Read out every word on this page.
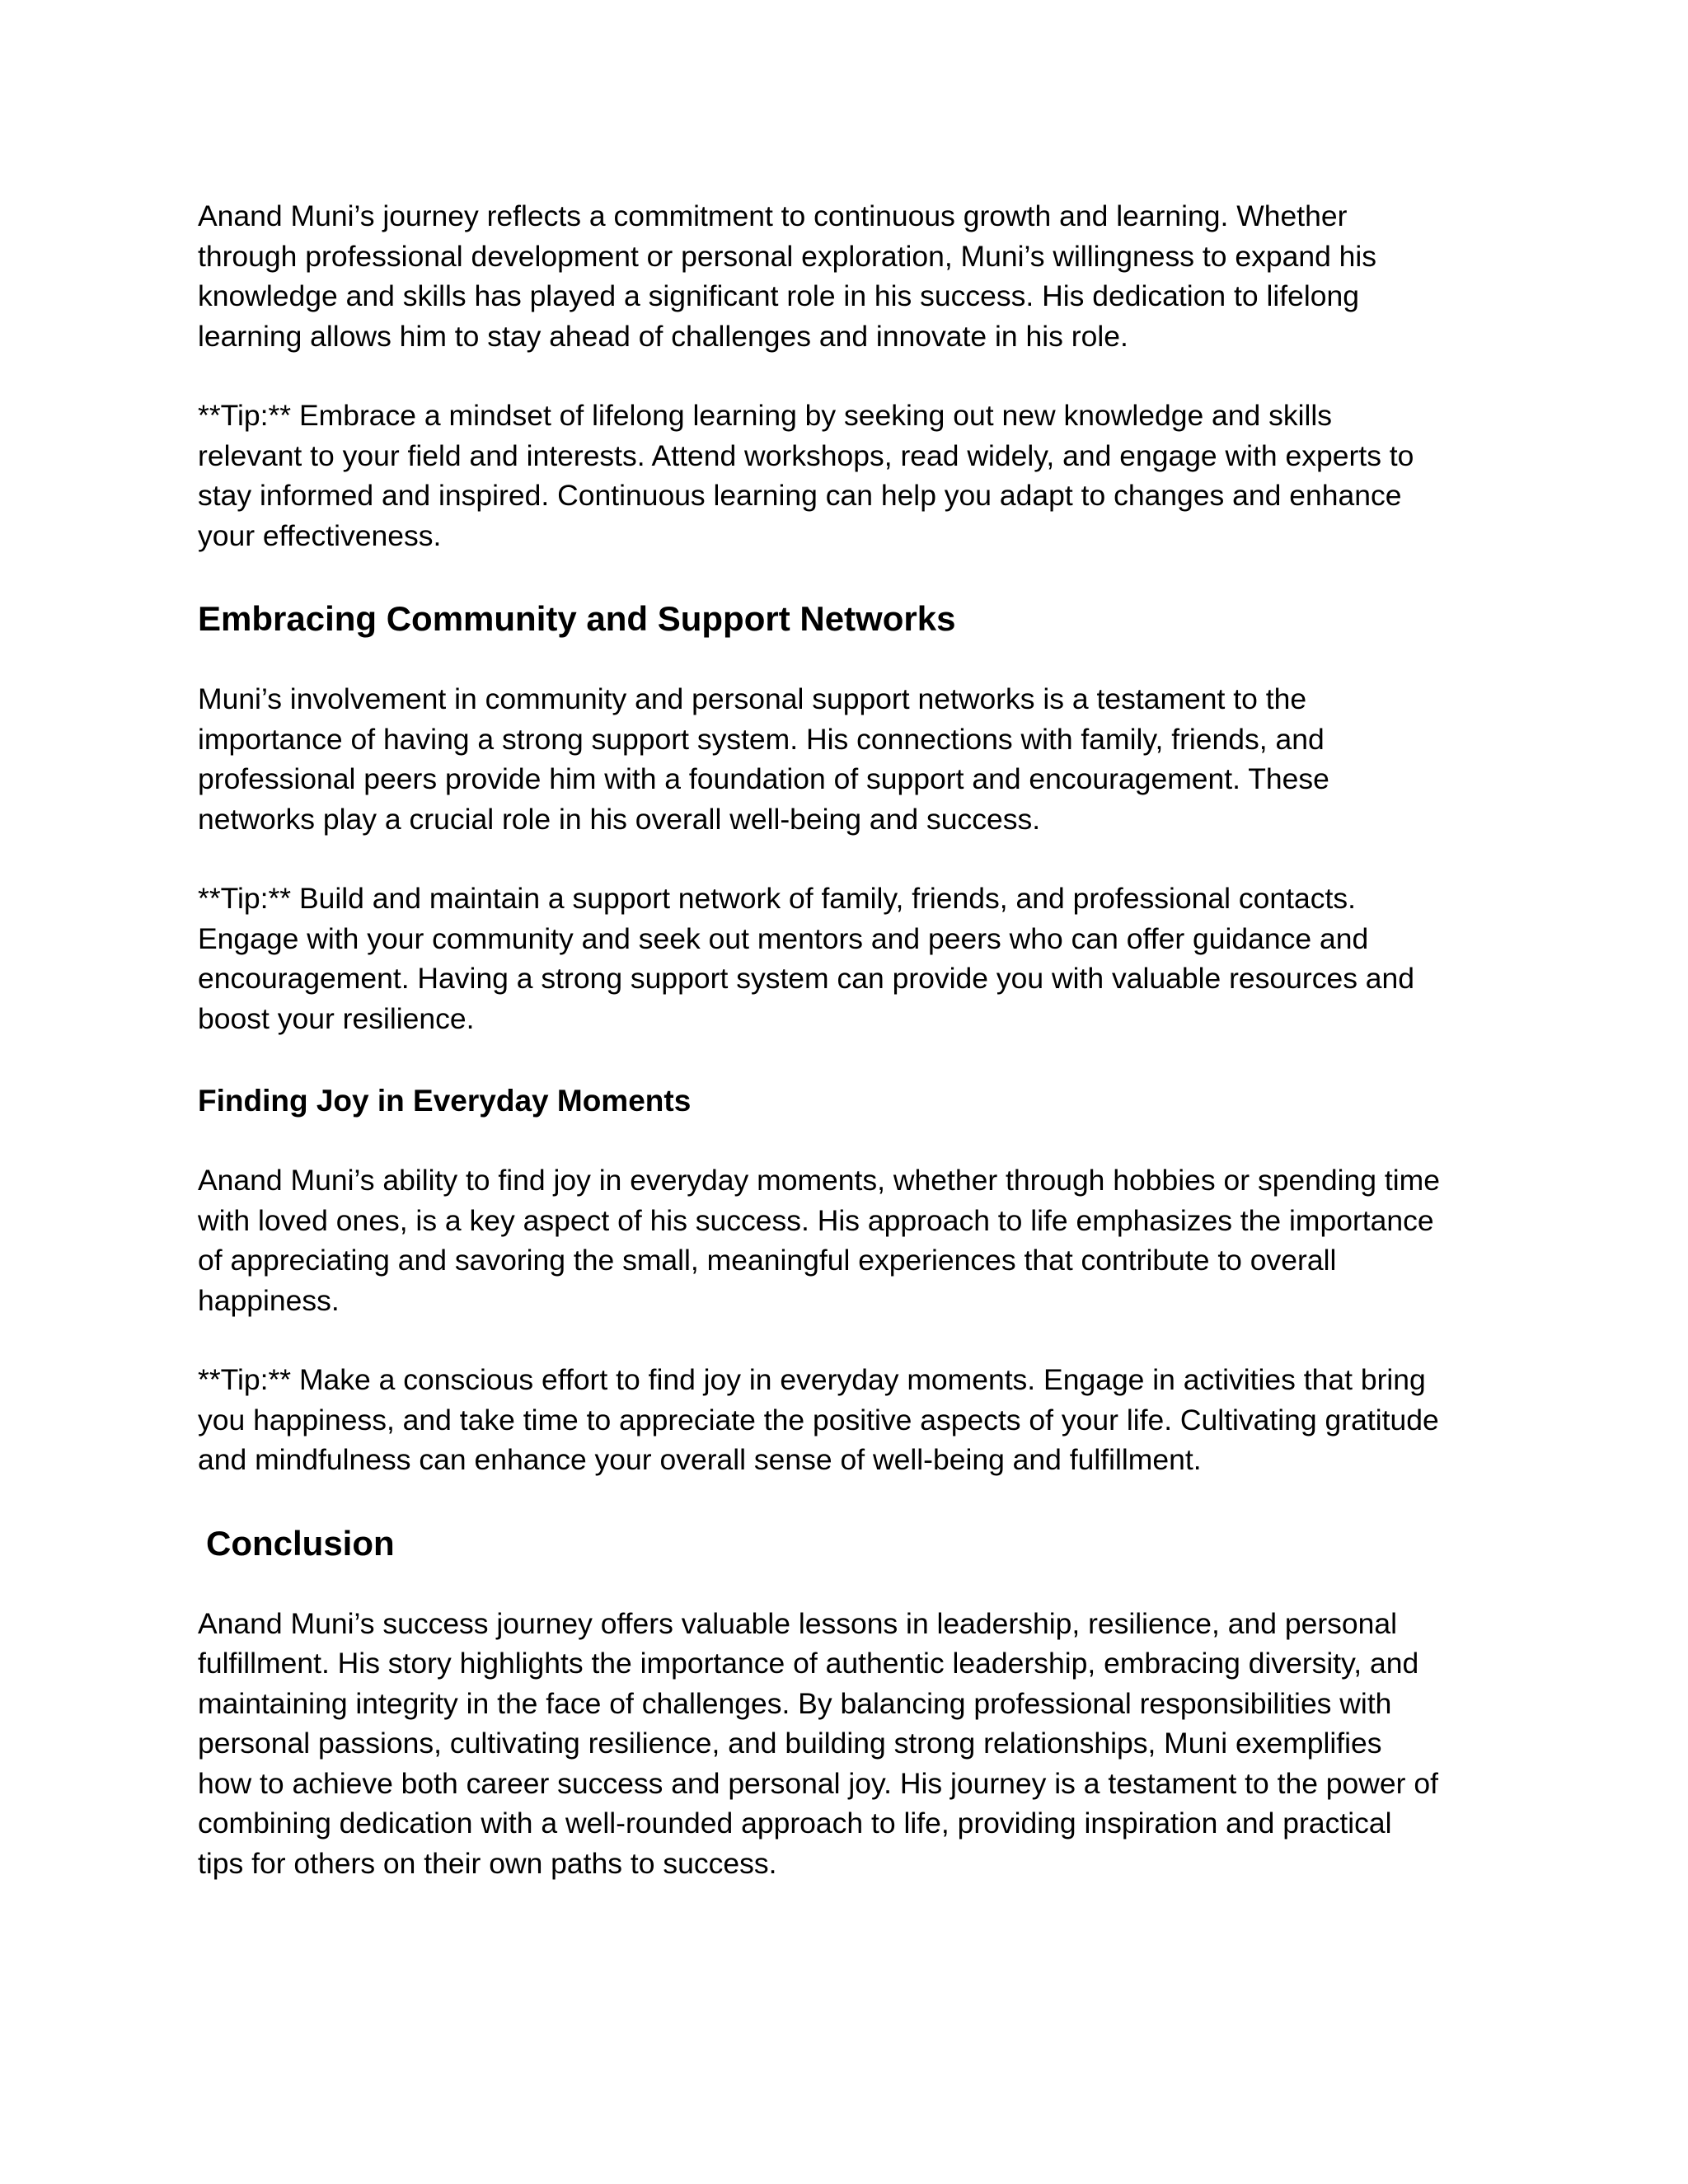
Anand Muni’s journey reflects a commitment to continuous growth and learning. Whether
through professional development or personal exploration, Muni’s willingness to expand his
knowledge and skills has played a significant role in his success. His dedication to lifelong
learning allows him to stay ahead of challenges and innovate in his role.

**Tip:** Embrace a mindset of lifelong learning by seeking out new knowledge and skills
relevant to your field and interests. Attend workshops, read widely, and engage with experts to
stay informed and inspired. Continuous learning can help you adapt to changes and enhance
your effectiveness.

Embracing Community and Support Networks

Muni’s involvement in community and personal support networks is a testament to the
importance of having a strong support system. His connections with family, friends, and
professional peers provide him with a foundation of support and encouragement. These
networks play a crucial role in his overall well-being and success.

**Tip:** Build and maintain a support network of family, friends, and professional contacts.
Engage with your community and seek out mentors and peers who can offer guidance and
encouragement. Having a strong support system can provide you with valuable resources and
boost your resilience.

Finding Joy in Everyday Moments

Anand Muni’s ability to find joy in everyday moments, whether through hobbies or spending time
with loved ones, is a key aspect of his success. His approach to life emphasizes the importance
of appreciating and savoring the small, meaningful experiences that contribute to overall
happiness.

**Tip:** Make a conscious effort to find joy in everyday moments. Engage in activities that bring
you happiness, and take time to appreciate the positive aspects of your life. Cultivating gratitude
and mindfulness can enhance your overall sense of well-being and fulfillment.

Conclusion

Anand Muni’s success journey offers valuable lessons in leadership, resilience, and personal
fulfillment. His story highlights the importance of authentic leadership, embracing diversity, and
maintaining integrity in the face of challenges. By balancing professional responsibilities with
personal passions, cultivating resilience, and building strong relationships, Muni exemplifies
how to achieve both career success and personal joy. His journey is a testament to the power of
combining dedication with a well-rounded approach to life, providing inspiration and practical
tips for others on their own paths to success.
